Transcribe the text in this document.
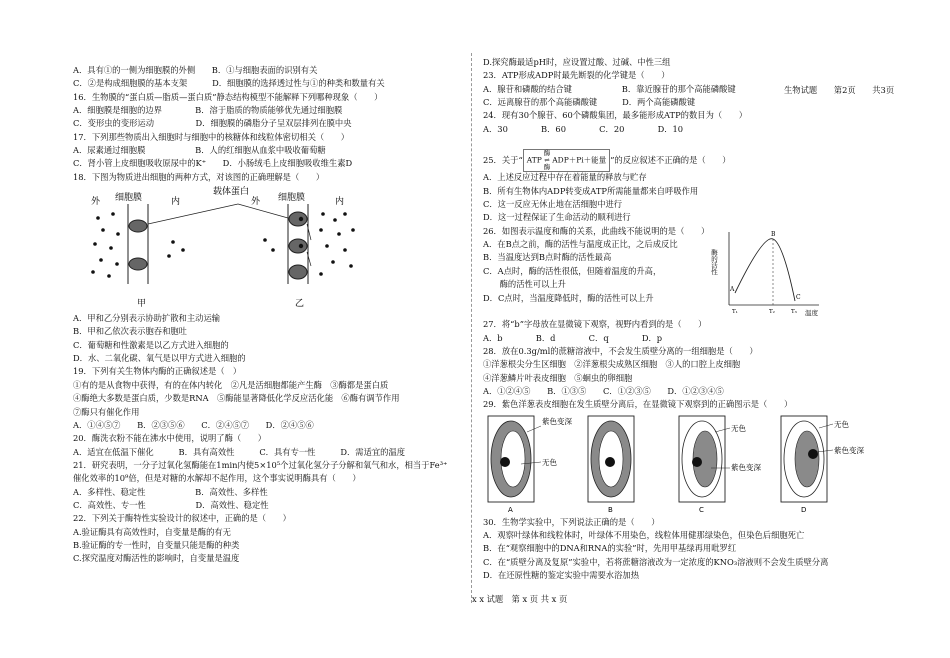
生物试题　　第2页　　共3页
A．具有①的一侧为细胞膜的外侧　　B．①与细胞表面的识别有关
C．②是构成细胞膜的基本支架　　　D．细胞膜的选择透过性与①的种类和数量有关
16．生物膜的“蛋白质—脂质—蛋白质”静态结构模型不能解释下列哪种现象（　　）
A．细胞膜是细胞的边界　　　　B．溶于脂质的物质能够优先通过细胞膜
C．变形虫的变形运动　　　　　D．细胞膜的磷脂分子呈双层排列在膜中央
17．下列那些物质出入细胞时与细胞中的核糖体和线粒体密切相关（　　）
A．尿素通过细胞膜　　　　　　B．人的红细胞从血浆中吸收葡萄糖
C．肾小管上皮细胞吸收原尿中的K⁺　　D．小肠绒毛上皮细胞吸收维生素D
18．下图为物质进出细胞的两种方式，对该图的正确理解是（　　）
外 细胞膜	内
甲
载体蛋白
外 细胞膜	内
乙
A．甲和乙分别表示协助扩散和主动运输
B．甲和乙依次表示胞吞和胞吐
C．葡萄糖和性激素是以乙方式进入细胞的
D．水、二氧化碳、氧气是以甲方式进入细胞的
19．下列有关生物体内酶的正确叙述是（　）
①有的是从食物中获得，有的在体内转化　②凡是活细胞都能产生酶　③酶都是蛋白质
④酶绝大多数是蛋白质，少数是RNA　⑤酶能显著降低化学反应活化能　⑥酶有调节作用
⑦酶只有催化作用
A．①④⑤⑦　　B．②③⑤⑥　　C．②④⑤⑦　　D．②④⑤⑥
20．酶洗衣粉不能在沸水中使用，说明了酶（　　）
A．适宜在低温下催化　　　B．具有高效性　　　C．具有专一性　　　D．需适宜的温度
21．研究表明，一分子过氧化氢酶能在1min内使5×10⁵个过氧化氢分子分解和氧气和水，相当于Fe³⁺
催化效率的10⁹倍，但是对糖的水解却不起作用，这个事实说明酶具有（　　）
A．多样性、稳定性　　　　　　B．高效性、多样性
C．高效性、专一性　　　　　　D．高效性、稳定性
22．下列关于酶特性实验设计的叙述中，正确的是（　　）
A.验证酶具有高效性时，自变量是酶的有无
B.验证酶的专一性时，自变量只能是酶的种类
C.探究温度对酶活性的影响时，自变量是温度
D.探究酶最适pH时，应设置过酸、过碱、中性三组
23．ATP形成ADP时最先断裂的化学键是（　　）
A．腺苷和磷酸的结合键　　　　　　B．靠近腺苷的那个高能磷酸键
C．远离腺苷的那个高能磷酸键　　　D．两个高能磷酸键
24．现有30个腺苷、60个磷酸集团，最多能形成ATP的数目为（　　）
A．30　　　　B．60　　　　C．20　　　　D．10
25．关于“ ATP酶
⇌
酶ADP＋Pi＋能量 ”的反应叙述不正确的是（　　）
A．上述反应过程中存在着能量的释放与贮存
B．所有生物体内ADP转变成ATP所需能量都来自呼吸作用
C．这一反应无休止地在活细胞中进行
D．这一过程保证了生命活动的顺利进行
26．如图表示温度和酶的关系，此曲线不能说明的是（　　）
A．在B点之前，酶的活性与温度成正比，之后成反比
B．当温度达到B点时酶的活性最高
C．A点时，酶的活性很低，但随着温度的升高，
　　酶的活性可以上升
D．C点时，当温度降低时，酶的活性可以上升
酶的活性
温度
A
B
C
T₁	T₂	T₃
27．将“b”字母放在显微镜下观察，视野内看到的是（　　）
A．b　　　　B．d　　　　C．q　　　　D．p
28．放在0.3g/ml的蔗糖溶液中，不会发生质壁分离的一组细胞是（　　）
①洋葱根尖分生区细胞　②洋葱根尖成熟区细胞　③人的口腔上皮细胞
④洋葱鳞片叶表皮细胞　⑤蛔虫的卵细胞
A．①②④⑤　　B．①③⑤　　C．①②③⑤　　D．①②③④⑤
29．紫色洋葱表皮细胞在发生质壁分离后，在显微镜下观察到的正确图示是（　　）
紫色变深
无色
A	B
无色
紫色变深
C
无色
紫色变深
D
30．生物学实验中，下列说法正确的是（　　）
A．观察叶绿体和线粒体时，叶绿体不用染色，线粒体用健那绿染色，但染色后细胞死亡
B．在“观察细胞中的DNA和RNA的实验”时，先用甲基绿再用吡罗红
C．在“质壁分离及复原”实验中，若将蔗糖溶液改为一定浓度的KNO₃溶液则不会发生质壁分离
D．在还原性糖的鉴定实验中需要水浴加热
x x 试题　第 x 页 共 x 页
